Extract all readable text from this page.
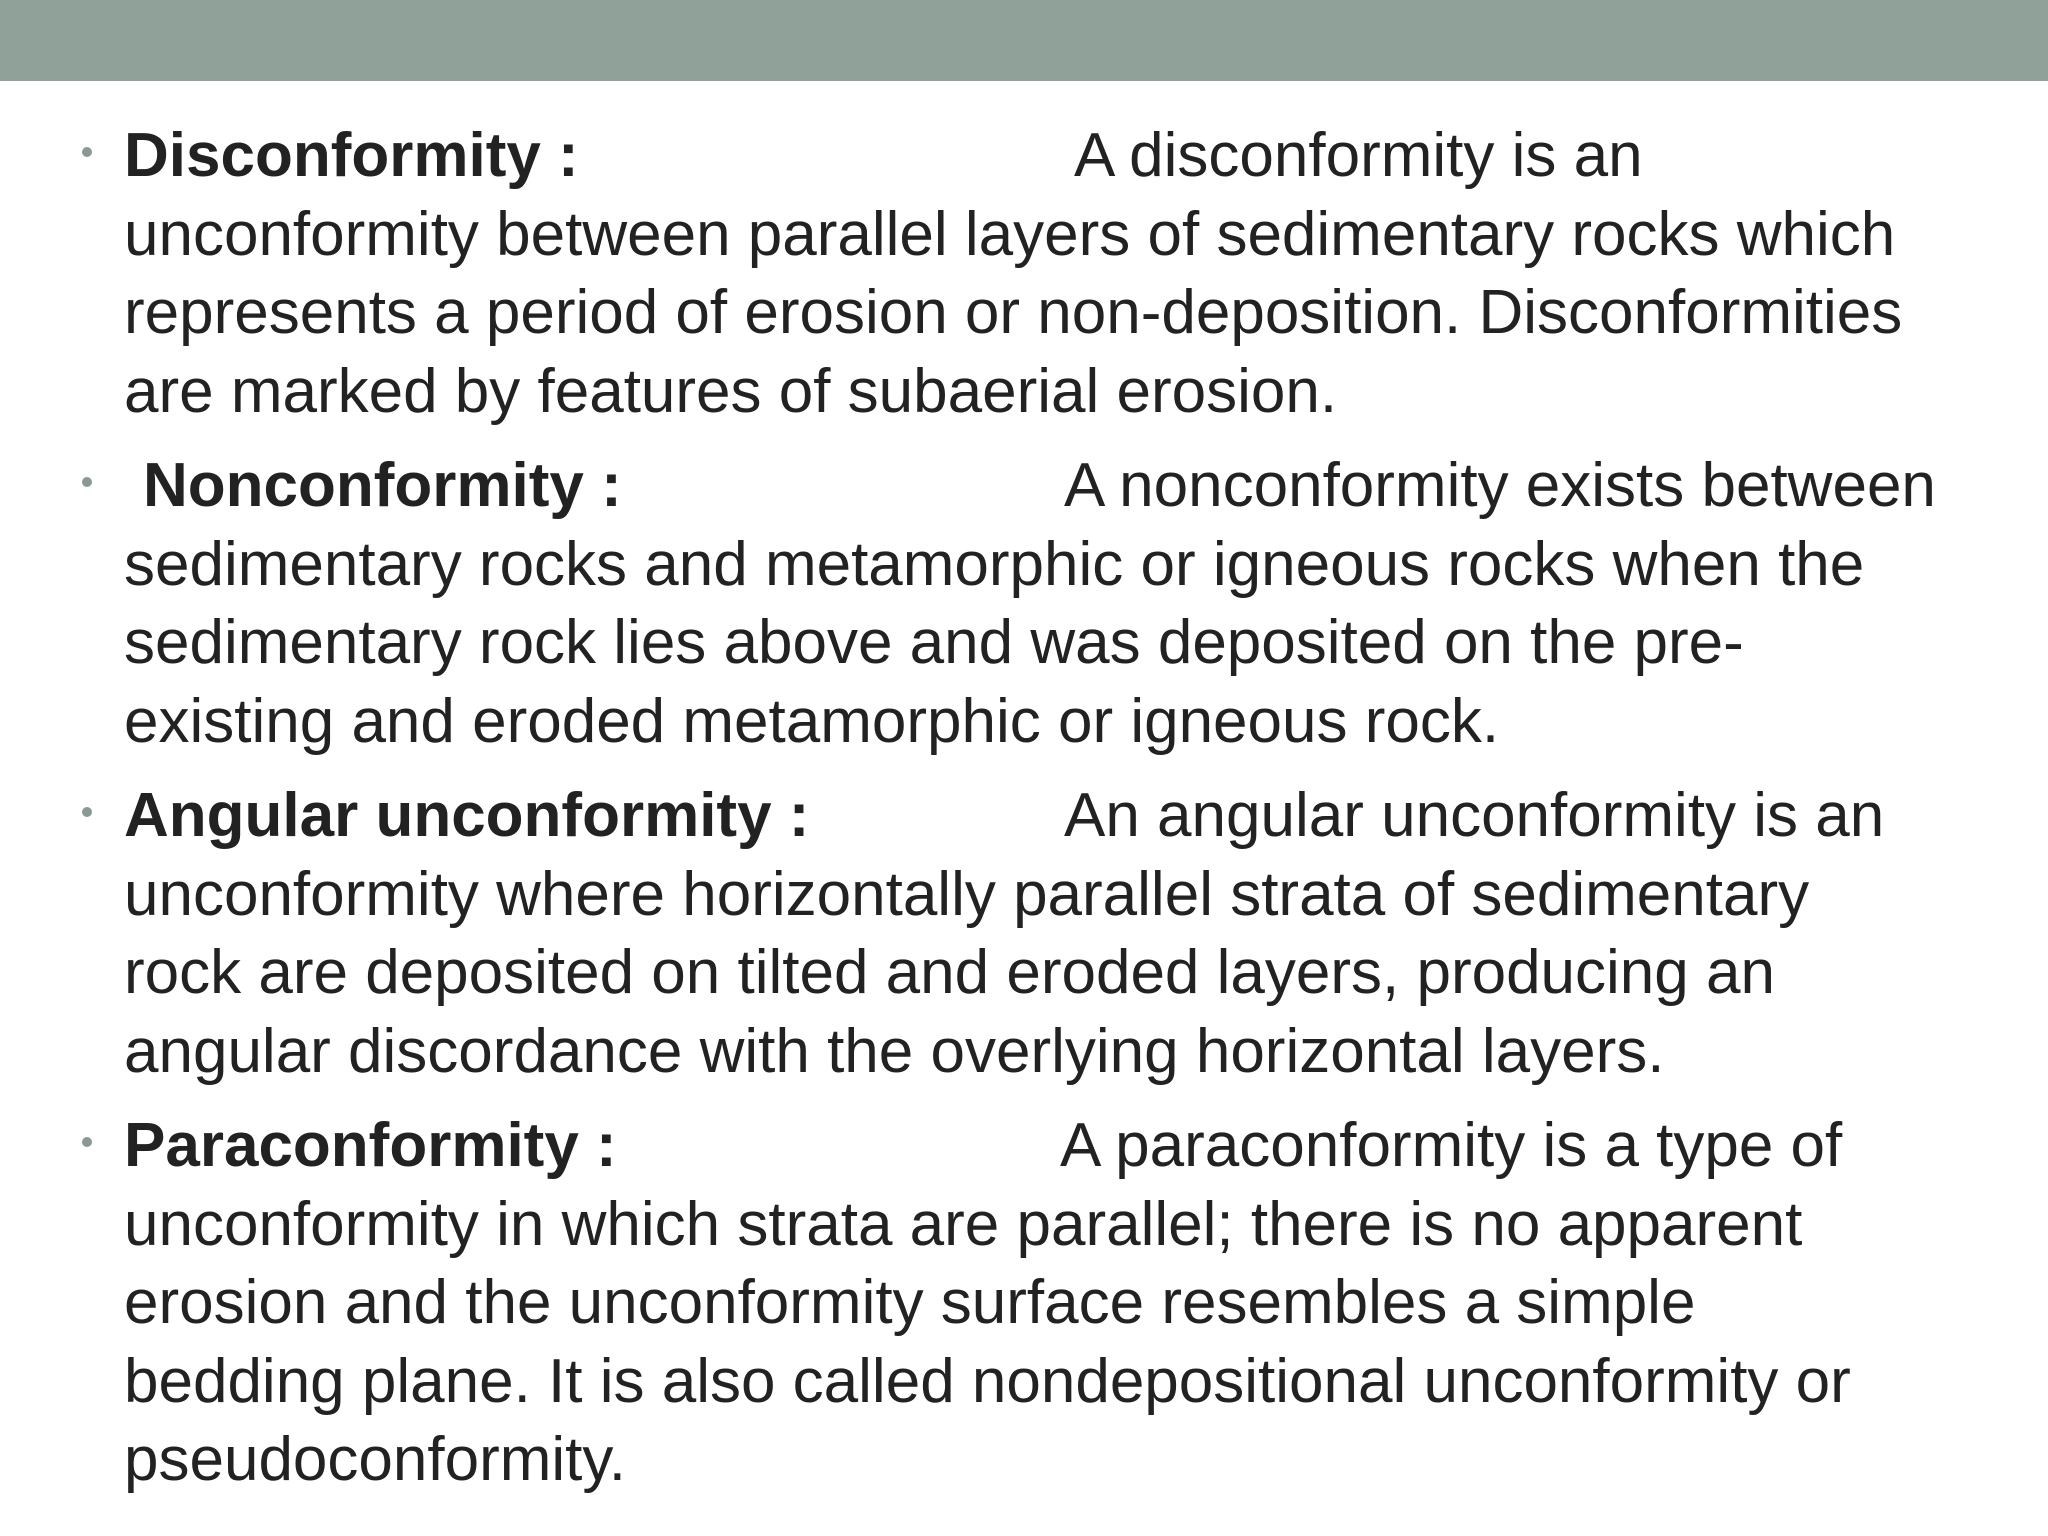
Disconformity :	A disconformity is an
unconformity between parallel layers of sedimentary rocks which
represents a period of erosion or non-deposition. Disconformities
are marked by features of subaerial erosion.
Nonconformity :	A nonconformity exists between
sedimentary rocks and metamorphic or igneous rocks when the
sedimentary rock lies above and was deposited on the pre-
existing and eroded metamorphic or igneous rock.
Angular unconformity :	An angular unconformity is an
unconformity where horizontally parallel strata of sedimentary
rock are deposited on tilted and eroded layers, producing an
angular discordance with the overlying horizontal layers.
Paraconformity :	A paraconformity is a type of
unconformity in which strata are parallel; there is no apparent
erosion and the unconformity surface resembles a simple
bedding plane. It is also called nondepositional unconformity or
pseudoconformity.
